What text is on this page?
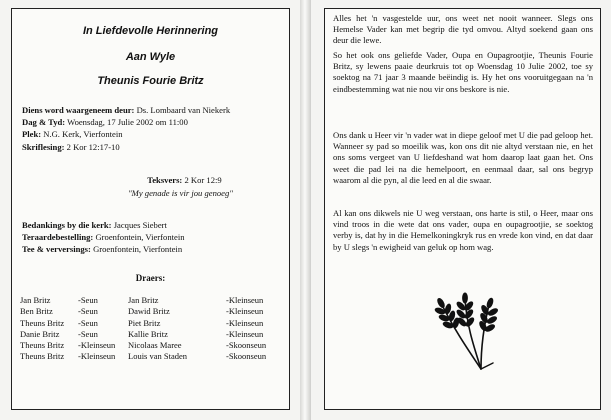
In Liefdevolle Herinnering
Aan Wyle
Theunis Fourie Britz
Diens word waargeneem deur: Ds. Lombaard van Niekerk
Dag & Tyd: Woensdag, 17 Julie 2002 om 11:00
Plek: N.G. Kerk, Vierfontein
Skriflesing: 2 Kor 12:17-10
Teksvers: 2 Kor 12:9
"My genade is vir jou genoeg"
Bedankings by die kerk: Jacques Siebert
Teraardebestelling: Groenfontein, Vierfontein
Tee & verversings: Groenfontein, Vierfontein
Draers:
Jan Britz	-Seun	Jan Britz	-Kleinseun
Ben Britz	-Seun	Dawid Britz	-Kleinseun
Theuns Britz	-Seun	Piet Britz	-Kleinseun
Danie Britz	-Seun	Kallie Britz	-Kleinseun
Theuns Britz	-Kleinseun	Nicolaas Maree	-Skoonseun
Theuns Britz	-Kleinseun	Louis van Staden	-Skoonseun
Alles het 'n vasgestelde uur, ons weet net nooit wanneer. Slegs ons Hemelse Vader kan met begrip die tyd omvou. Altyd soekend gaan ons deur die lewe.
So het ook ons geliefde Vader, Oupa en Oupagrootjie, Theunis Fourie Britz, sy lewens paaie deurkruis tot op Woensdag 10 Julie 2002, toe sy soektog na 71 jaar 3 maande beëindig is. Hy het ons vooruitgegaan na 'n eindbestemming wat nie nou vir ons beskore is nie.
Ons dank u Heer vir 'n vader wat in diepe geloof met U die pad geloop het. Wanneer sy pad so moeilik was, kon ons dit nie altyd verstaan nie, en het ons soms vergeet van U liefdeshand wat hom daarop laat gaan het. Ons weet die pad lei na die hemelpoort, en eenmaal daar, sal ons begryp waarom al die pyn, al die leed en al die swaar.
Al kan ons dikwels nie U weg verstaan, ons harte is stil, o Heer, maar ons vind troos in die wete dat ons vader, oupa en oupagrootjie, se soektog verby is, dat hy in die Hemelkoningkryk rus en vrede kon vind, en dat daar by U slegs 'n ewigheid van geluk op hom wag.
